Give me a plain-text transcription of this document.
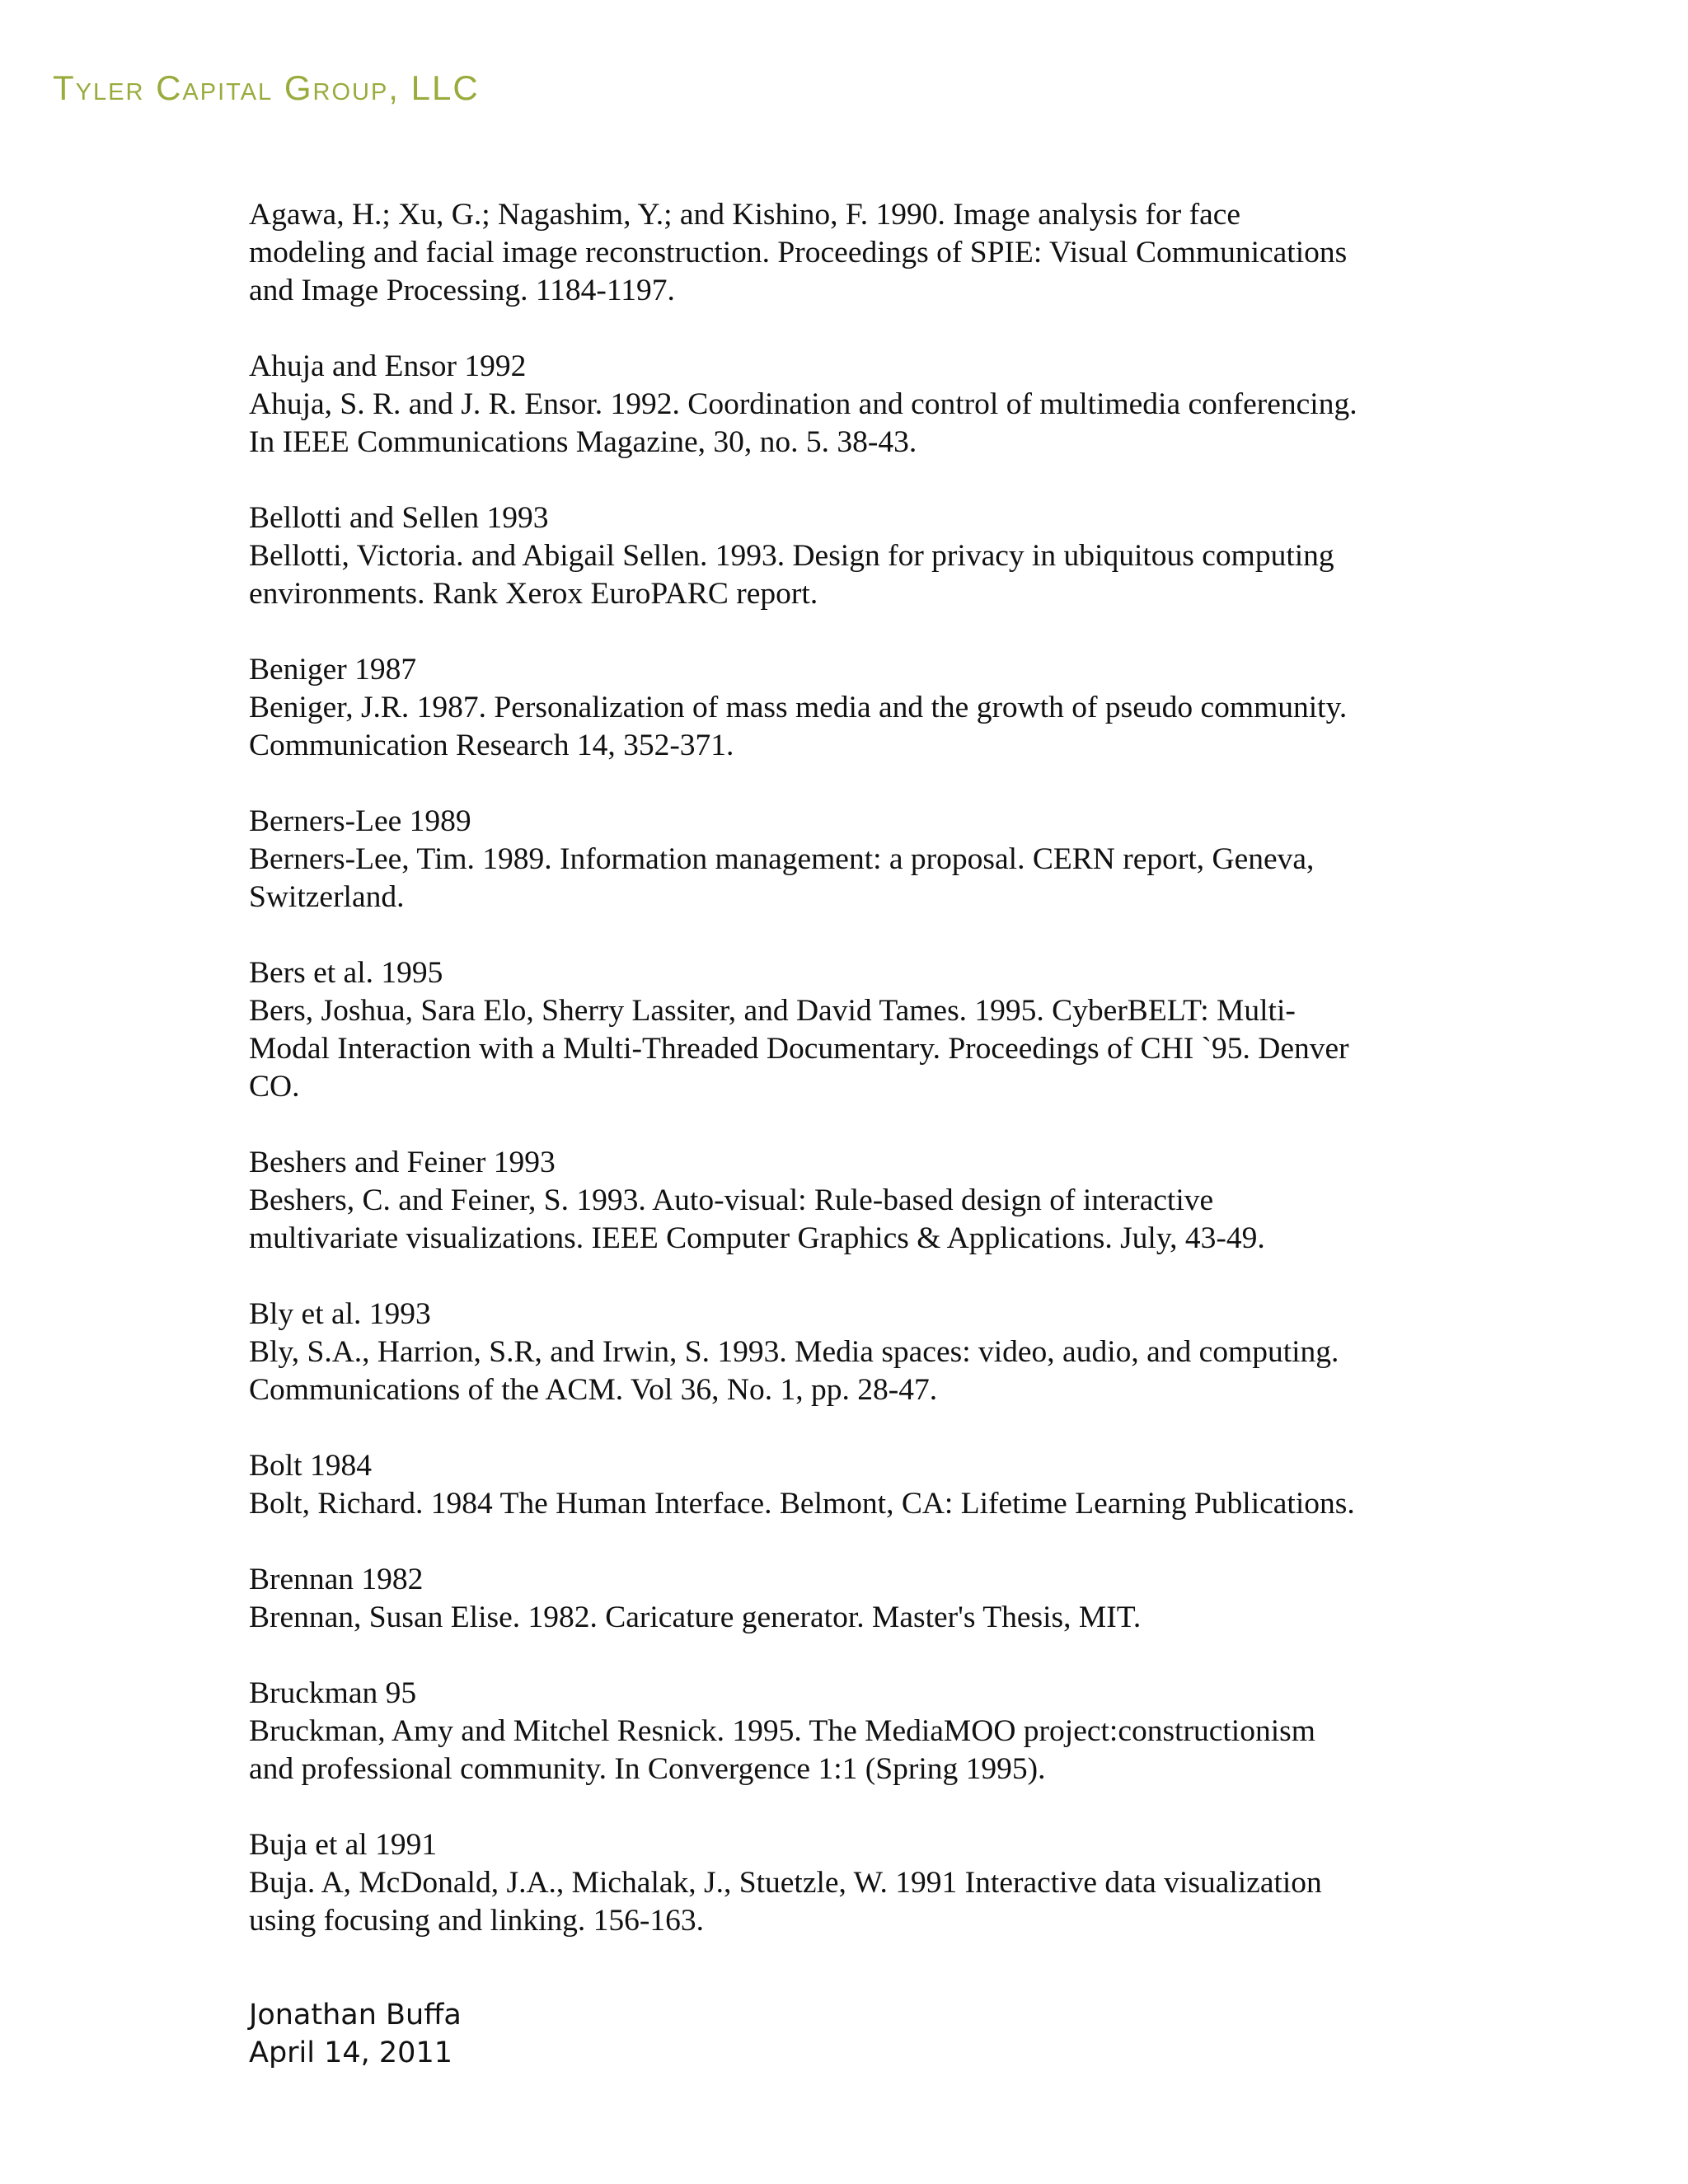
Tyler Capital Group, LLC
Agawa, H.; Xu, G.; Nagashim, Y.; and Kishino, F. 1990. Image analysis for face
modeling and facial image reconstruction. Proceedings of SPIE: Visual Communications
and Image Processing. 1184-1197.
Ahuja and Ensor 1992
Ahuja, S. R. and J. R. Ensor. 1992. Coordination and control of multimedia conferencing.
In IEEE Communications Magazine, 30, no. 5. 38-43.
Bellotti and Sellen 1993
Bellotti, Victoria. and Abigail Sellen. 1993. Design for privacy in ubiquitous computing
environments. Rank Xerox EuroPARC report.
Beniger 1987
Beniger, J.R. 1987. Personalization of mass media and the growth of pseudo community.
Communication Research 14, 352-371.
Berners-Lee 1989
Berners-Lee, Tim. 1989. Information management: a proposal. CERN report, Geneva,
Switzerland.
Bers et al. 1995
Bers, Joshua, Sara Elo, Sherry Lassiter, and David Tames. 1995. CyberBELT: Multi-
Modal Interaction with a Multi-Threaded Documentary. Proceedings of CHI `95. Denver
CO.
Beshers and Feiner 1993
Beshers, C. and Feiner, S. 1993. Auto-visual: Rule-based design of interactive
multivariate visualizations. IEEE Computer Graphics & Applications. July, 43-49.
Bly et al. 1993
Bly, S.A., Harrion, S.R, and Irwin, S. 1993. Media spaces: video, audio, and computing.
Communications of the ACM. Vol 36, No. 1, pp. 28-47.
Bolt 1984
Bolt, Richard. 1984 The Human Interface. Belmont, CA: Lifetime Learning Publications.
Brennan 1982
Brennan, Susan Elise. 1982. Caricature generator. Master's Thesis, MIT.
Bruckman 95
Bruckman, Amy and Mitchel Resnick. 1995. The MediaMOO project:constructionism
and professional community. In Convergence 1:1 (Spring 1995).
Buja et al 1991
Buja. A, McDonald, J.A., Michalak, J., Stuetzle, W. 1991 Interactive data visualization
using focusing and linking. 156-163.
Jonathan Buffa
April 14, 2011
